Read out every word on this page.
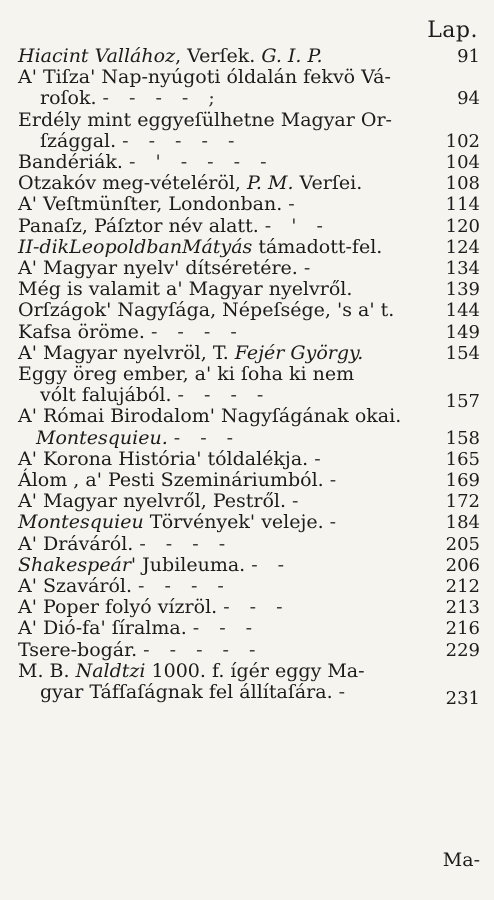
Lap.
Hiacint Vallához, Verſek. G. I. P.	91
A' Tiſza' Nap-nyúgoti óldalán fekvö Vá-
roſok. - - - - ;	94
Erdély mint eggyeſülhetne Magyar Or-
ſzággal. - - - - -	102
Bandériák. - ' - - - -	104
Otzakóv meg-vételéröl, P. M. Verſei.	108
A' Veſtmünſter, Londonban. -	114
Panaſz, Páſztor név alatt. - ' -	120
II-dikLeopoldbanMátyás támadott-fel.	124
A' Magyar nyelv' dítséretére. -	134
Még is valamit a' Magyar nyelvről.	139
Orſzágok' Nagyſága, Népeſsége, 's a' t.	144
Kafsa öröme. - - - -	149
A' Magyar nyelvröl, T. Fejér György.	154
Eggy öreg ember, a' ki ſoha ki nem
vólt falujából. - - - -	157
A' Római Birodalom' Nagyſágának okai.
Montesquieu. - - -	158
A' Korona História' tóldalékja. -	165
Álom , a' Pesti Szemináriumból. -	169
A' Magyar nyelvről, Pestről. -	172
Montesquieu Törvények' veleje. -	184
A' Dráváról. - - - -	205
Shakespeár' Jubileuma. - -	206
A' Szaváról. - - - -	212
A' Poper folyó vízröl. - - -	213
A' Dió-fa' ſíralma. - - -	216
Tsere-bogár. - - - - -	229
M. B. Naldtzi 1000. f. ígér eggy Ma-
gyar Táfſaſágnak fel állítaſára. -	231
Ma-
